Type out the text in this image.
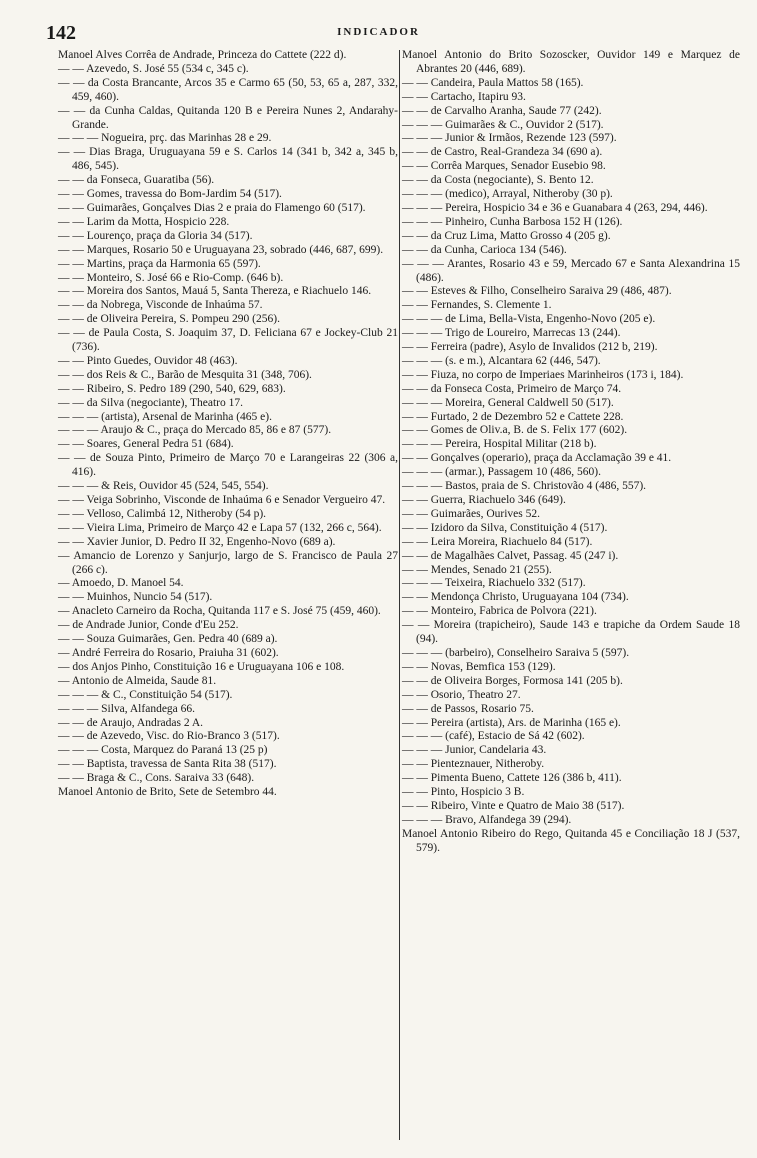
142	INDICADOR

Manoel Alves Corrêa de Andrade, Princeza do Cattete (222 d).

— — Azevedo, S. José 55 (534 c, 345 c).

— — da Costa Brancante, Arcos 35 e Carmo 65 (50, 53, 65 a, 287, 332, 459, 460).

— — da Cunha Caldas, Quitanda 120 B e Pereira Nunes 2, Andarahy-Grande.

— — — Nogueira, prç. das Marinhas 28 e 29.

— — Dias Braga, Uruguayana 59 e S. Carlos 14 (341 b, 342 a, 345 b, 486, 545).

— — da Fonseca, Guaratiba (56).

— — Gomes, travessa do Bom-Jardim 54 (517).

— — Guimarães, Gonçalves Dias 2 e praia do Flamengo 60 (517).

— — Larim da Motta, Hospicio 228.

— — Lourenço, praça da Gloria 34 (517).

— — Marques, Rosario 50 e Uruguayana 23, sobrado (446, 687, 699).

— — Martins, praça da Harmonia 65 (597).

— — Monteiro, S. José 66 e Rio-Comp. (646 b).

— — Moreira dos Santos, Mauá 5, Santa Thereza, e Riachuelo 146.

— — da Nobrega, Visconde de Inhaúma 57.

— — de Oliveira Pereira, S. Pompeu 290 (256).

— — de Paula Costa, S. Joaquim 37, D. Feliciana 67 e Jockey-Club 21 (736).

— — Pinto Guedes, Ouvidor 48 (463).

— — dos Reis & C., Barão de Mesquita 31 (348, 706).

— — Ribeiro, S. Pedro 189 (290, 540, 629, 683).

— — da Silva (negociante), Theatro 17.

— — — (artista), Arsenal de Marinha (465 e).

— — — Araujo & C., praça do Mercado 85, 86 e 87 (577).

— — Soares, General Pedra 51 (684).

— — de Souza Pinto, Primeiro de Março 70 e Larangeiras 22 (306 a, 416).

— — — & Reis, Ouvidor 45 (524, 545, 554).

— — Veiga Sobrinho, Visconde de Inhaúma 6 e Senador Vergueiro 47.

— — Velloso, Calimbá 12, Nitheroby (54 p).

— — Vieira Lima, Primeiro de Março 42 e Lapa 57 (132, 266 c, 564).

— — Xavier Junior, D. Pedro II 32, Engenho-Novo (689 a).

— Amancio de Lorenzo y Sanjurjo, largo de S. Francisco de Paula 27 (266 c).

— Amoedo, D. Manoel 54.

— — Muinhos, Nuncio 54 (517).

— Anacleto Carneiro da Rocha, Quitanda 117 e S. José 75 (459, 460).

— de Andrade Junior, Conde d'Eu 252.

— — Souza Guimarães, Gen. Pedra 40 (689 a).

— André Ferreira do Rosario, Praiuha 31 (602).

— dos Anjos Pinho, Constituição 16 e Uruguayana 106 e 108.

— Antonio de Almeida, Saude 81.

— — — & C., Constituição 54 (517).

— — — Silva, Alfandega 66.

— — de Araujo, Andradas 2 A.

— — de Azevedo, Visc. do Rio-Branco 3 (517).

— — — Costa, Marquez do Paraná 13 (25 p)

— — Baptista, travessa de Santa Rita 38 (517).

— — Braga & C., Cons. Saraiva 33 (648).

Manoel Antonio de Brito, Sete de Setembro 44.

Manoel Antonio do Brito Sozoscker, Ouvidor 149 e Marquez de Abrantes 20 (446, 689).

— — Candeira, Paula Mattos 58 (165).

— — Cartacho, Itapiru 93.

— — de Carvalho Aranha, Saude 77 (242).

— — — Guimarães & C., Ouvidor 2 (517).

— — — Junior & Irmãos, Rezende 123 (597).

— — de Castro, Real-Grandeza 34 (690 a).

— — Corrêa Marques, Senador Eusebio 98.

— — da Costa (negociante), S. Bento 12.

— — — (medico), Arrayal, Nitheroby (30 p).

— — — Pereira, Hospicio 34 e 36 e Guanabara 4 (263, 294, 446).

— — — Pinheiro, Cunha Barbosa 152 H (126).

— — da Cruz Lima, Matto Grosso 4 (205 g).

— — da Cunha, Carioca 134 (546).

— — — Arantes, Rosario 43 e 59, Mercado 67 e Santa Alexandrina 15 (486).

— — Esteves & Filho, Conselheiro Saraiva 29 (486, 487).

— — Fernandes, S. Clemente 1.

— — — de Lima, Bella-Vista, Engenho-Novo (205 e).

— — — Trigo de Loureiro, Marrecas 13 (244).

— — Ferreira (padre), Asylo de Invalidos (212 b, 219).

— — — (s. e m.), Alcantara 62 (446, 547).

— — Fiuza, no corpo de Imperiaes Marinheiros (173 i, 184).

— — da Fonseca Costa, Primeiro de Março 74.

— — — Moreira, General Caldwell 50 (517).

— — Furtado, 2 de Dezembro 52 e Cattete 228.

— — Gomes de Oliv.a, B. de S. Felix 177 (602).

— — — Pereira, Hospital Militar (218 b).

— — Gonçalves (operario), praça da Acclamação 39 e 41.

— — — (armar.), Passagem 10 (486, 560).

— — — Bastos, praia de S. Christovão 4 (486, 557).

— — Guerra, Riachuelo 346 (649).

— — Guimarães, Ourives 52.

— — Izidoro da Silva, Constituição 4 (517).

— — Leira Moreira, Riachuelo 84 (517).

— — de Magalhães Calvet, Passag. 45 (247 i).

— — Mendes, Senado 21 (255).

— — — Teixeira, Riachuelo 332 (517).

— — Mendonça Christo, Uruguayana 104 (734).

— — Monteiro, Fabrica de Polvora (221).

— — Moreira (trapicheiro), Saude 143 e trapiche da Ordem Saude 18 (94).

— — — (barbeiro), Conselheiro Saraiva 5 (597).

— — Novas, Bemfica 153 (129).

— — de Oliveira Borges, Formosa 141 (205 b).

— — Osorio, Theatro 27.

— — de Passos, Rosario 75.

— — Pereira (artista), Ars. de Marinha (165 e).

— — — (café), Estacio de Sá 42 (602).

— — — Junior, Candelaria 43.

— — Pienteznauer, Nitheroby.

— — Pimenta Bueno, Cattete 126 (386 b, 411).

— — Pinto, Hospicio 3 B.

— — Ribeiro, Vinte e Quatro de Maio 38 (517).

— — — Bravo, Alfandega 39 (294).

Manoel Antonio Ribeiro do Rego, Quitanda 45 e Conciliação 18 J (537, 579).
